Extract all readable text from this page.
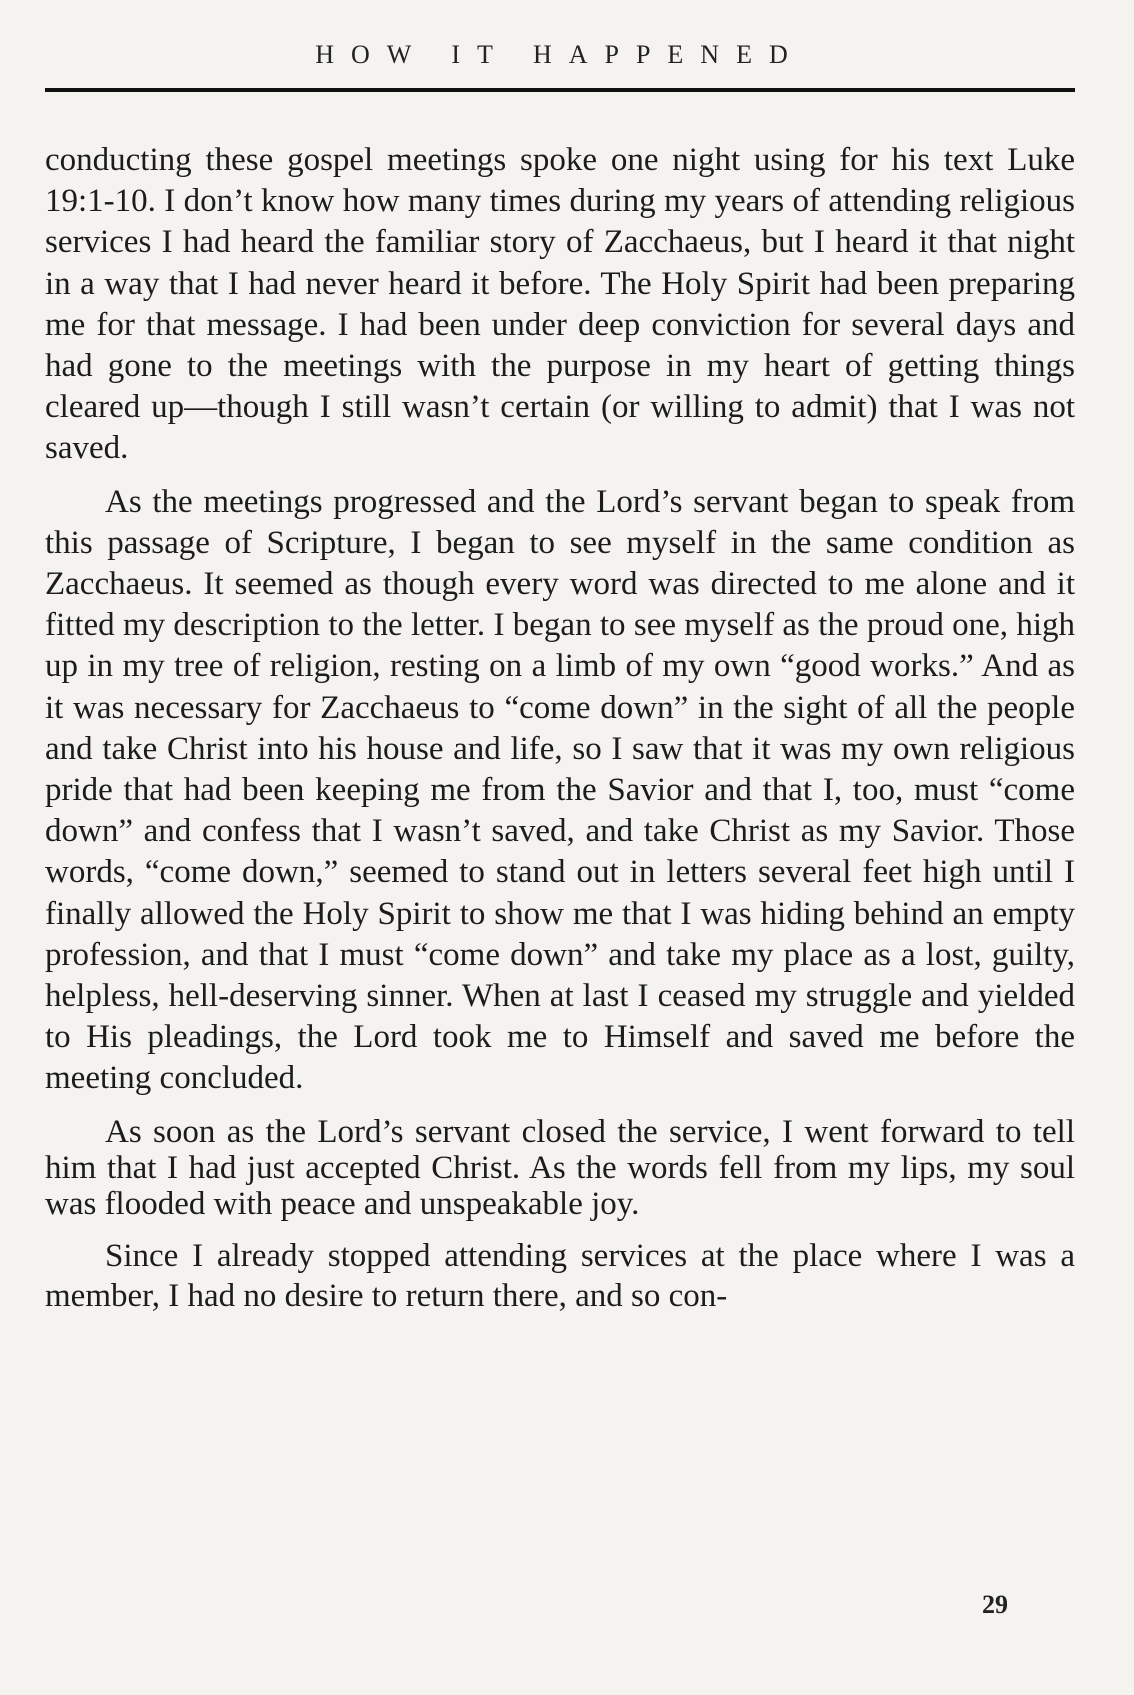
HOW IT HAPPENED

conducting these gospel meetings spoke one night using for his text Luke 19:1-10. I don’t know how many times during my years of attending religious services I had heard the familiar story of Zacchaeus, but I heard it that night in a way that I had never heard it before. The Holy Spirit had been preparing me for that message. I had been under deep conviction for several days and had gone to the meetings with the purpose in my heart of getting things cleared up—though I still wasn’t certain (or willing to admit) that I was not saved.

As the meetings progressed and the Lord’s servant began to speak from this passage of Scripture, I began to see myself in the same condition as Zacchaeus. It seemed as though every word was directed to me alone and it fitted my description to the letter. I began to see myself as the proud one, high up in my tree of religion, resting on a limb of my own “good works.” And as it was necessary for Zacchaeus to “come down” in the sight of all the people and take Christ into his house and life, so I saw that it was my own religious pride that had been keeping me from the Savior and that I, too, must “come down” and confess that I wasn’t saved, and take Christ as my Savior. Those words, “come down,” seemed to stand out in letters several feet high until I finally allowed the Holy Spirit to show me that I was hiding behind an empty profession, and that I must “come down” and take my place as a lost, guilty, helpless, hell-deserving sinner. When at last I ceased my struggle and yielded to His pleadings, the Lord took me to Himself and saved me before the meeting concluded.

As soon as the Lord’s servant closed the service, I went forward to tell him that I had just accepted Christ. As the words fell from my lips, my soul was flooded with peace and unspeakable joy.

Since I already stopped attending services at the place where I was a member, I had no desire to return there, and so con-

29
